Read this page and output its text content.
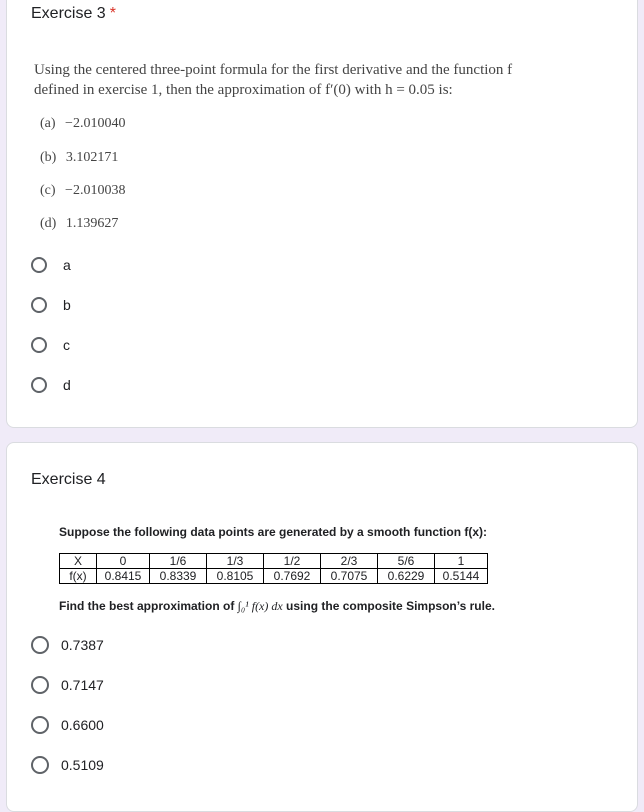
Exercise 3 *
Using the centered three-point formula for the first derivative and the function f
defined in exercise 1, then the approximation of f′(0) with h = 0.05 is:
(a) −2.010040
(b) 3.102171
(c) −2.010038
(d) 1.139627
a
b
c
d
Exercise 4
Suppose the following data points are generated by a smooth function f(x):
X	0	1/6	1/3	1/2	2/3	5/6	1
f(x)	0.8415	0.8339	0.8105	0.7692	0.7075	0.6229	0.5144
Find the best approximation of ∫₀¹ f(x) dx using the composite Simpson’s rule.
0.7387
0.7147
0.6600
0.5109
